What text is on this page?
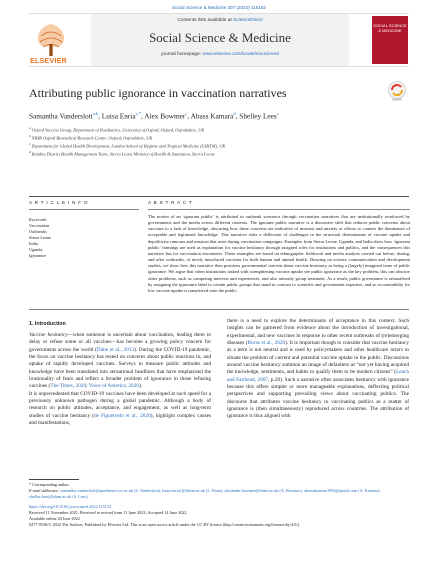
Social Science & Medicine 307 (2022) 115152
ELSEVIER
Contents lists available at ScienceDirect
Social Science & Medicine
journal homepage: www.elsevier.com/locate/socscimed
SOCIAL SCIENCE & MEDICINE
Attributing public ignorance in vaccination narratives
Samantha Vanderslott$^{a,b}$, Luisa Enria$^{c,*}$, Alex Bowmer$^c$, Abass Kamara$^d$, Shelley Lees$^c$
$^a$ Oxford Vaccine Group, Department of Paediatrics, University of Oxford, Oxford, Oxfordshire, UK
$^b$ NIHR Oxford Biomedical Research Centre, Oxford, Oxfordshire, UK
$^c$ Department for Global Health Development, London School of Hygiene and Tropical Medicine (LSHTM), UK
$^d$ Kambia District Health Management Team, Sierra Leone Ministry of Health & Sanitation, Sierra Leone
A R T I C L E I N F O	A B S T R A C T
Keywords:
Vaccination
Outbreaks
Sierra Leone
India
Uganda
Ignorance
The notion of an ‘ignorant public’ is attributed in outbreak scenarios through vaccination narratives that are institutionally reinforced by governments and the media across different contexts. The ignorant public narrative is a discursive shift that reduces public concerns about vaccines to a lack of knowledge, obscuring how these concerns are indicative of mistrust and anxiety or efforts to counter the dominance of acceptable and legitimate knowledge. This narrative risks a deflection of challenges in the structural determinants of vaccine uptake and depoliticise rumours and mistrust that arise during vaccination campaigns. Examples from Sierra Leone, Uganda, and India show how ‘ignorant public’ framings are used as explanation for vaccine hesitancy through assigned roles for institutions and publics, and the consequences this narrative has for vaccination encounters. These examples are based on ethnographic fieldwork and media analysis carried out before, during, and after outbreaks, of newly introduced vaccines for both human and animal health. Drawing on science communication and development studies, we show how this narrative then positions governmental concern about vaccine hesitancy as being a (largely) imagined issue of public ignorance. We argue that when institutions tasked with strengthening vaccine uptake see public ignorance as the key problem, this can obscure other problems, such as competing interests and experiences, and also minority group treatment. As a result, public governance is rationalised by assigning the ignorance label to certain public groups that stand in contrast to scientific and government expertise, and so accountability for low vaccine uptake is transferred onto the public.
1. Introduction
Vaccine hesitancy—when someone is uncertain about vaccination, leading them to delay or refuse some or all vaccines—has become a growing policy concern for governments across the world (Dube et al., 2013). During the COVID-19 pandemic, the focus on vaccine hesitancy has rested on concerns about public reactions to, and uptake of rapidly developed vaccines. Surveys to measure public attitudes and knowledge have been translated into sensational headlines that have emphasised the irrationality of fears and reflect a broader problem of ignorance in those refusing vaccines (The Times, 2020; Voice of America, 2020).
It is unprecedented that COVID-19 vaccines have been developed at such speed for a previously unknown pathogen during a global pandemic. Although a body of research on public attitudes, acceptance, and engagement, as well as long-term studies of vaccine hesitancy (de Figueiredo et al., 2020), highlight complex causes and manifestations,
there is a need to explore the determinants of acceptance in this context. Such insights can be garnered from evidence about the introduction of investigational, experimental, and new vaccines in response to other recent outbreaks of (re)emerging diseases (Burns et al., 2020). It is important though to consider that vaccine hesitancy as a term is not neutral and is used by policymakers and other healthcare actors to situate the problem of current and potential vaccine uptake in the public. Discussions around vaccine hesitancy summon an image of defaulters as “not yet having acquired the knowledge, sentiments, and habits to qualify them to be modern citizens” (Leach and Fairhead, 2007, p.20). Such a narrative often associates hesitancy with ignorance because this offers simpler or more manageable explanations, deflecting political perspectives and supporting prevailing views about vaccinating publics. The discourse that attributes vaccine hesitancy to vaccinating publics as a matter of ignorance is (then simultaneously) reproduced across countries. The attribution of ignorance is thus aligned with
* Corresponding author.
E-mail addresses: samantha.vanderslott@paediatrics.ox.ac.uk (S. Vanderslott), luisa.enria1@lshtm.ac.uk (L. Enria), alexander.bowmer@lshtm.ac.uk (A. Bowmer), abassakamara1994@gmail.com (A. Kamara), shelley.lees@lshtm.ac.uk (S. Lees).
https://doi.org/10.1016/j.socscimed.2022.115152
Received 11 November 2021; Received in revised form 11 June 2022; Accepted 14 June 2022
Available online 20 June 2022
0277-9536/© 2022 The Authors. Published by Elsevier Ltd. This is an open access article under the CC BY license (http://creativecommons.org/licenses/by/4.0/).
